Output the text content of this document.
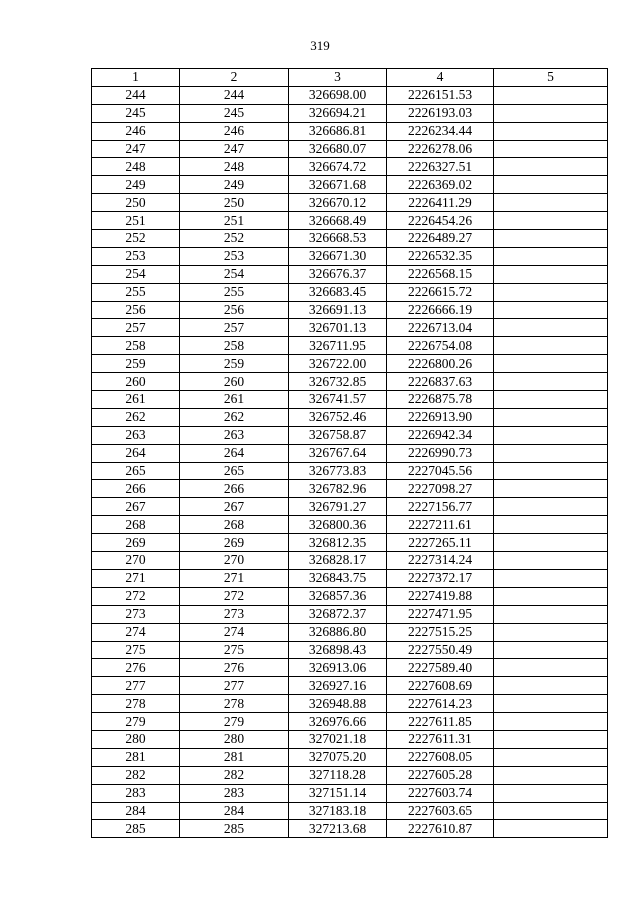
319
1	2	3	4	5
244	244	326698.00	2226151.53	
245	245	326694.21	2226193.03	
246	246	326686.81	2226234.44	
247	247	326680.07	2226278.06	
248	248	326674.72	2226327.51	
249	249	326671.68	2226369.02	
250	250	326670.12	2226411.29	
251	251	326668.49	2226454.26	
252	252	326668.53	2226489.27	
253	253	326671.30	2226532.35	
254	254	326676.37	2226568.15	
255	255	326683.45	2226615.72	
256	256	326691.13	2226666.19	
257	257	326701.13	2226713.04	
258	258	326711.95	2226754.08	
259	259	326722.00	2226800.26	
260	260	326732.85	2226837.63	
261	261	326741.57	2226875.78	
262	262	326752.46	2226913.90	
263	263	326758.87	2226942.34	
264	264	326767.64	2226990.73	
265	265	326773.83	2227045.56	
266	266	326782.96	2227098.27	
267	267	326791.27	2227156.77	
268	268	326800.36	2227211.61	
269	269	326812.35	2227265.11	
270	270	326828.17	2227314.24	
271	271	326843.75	2227372.17	
272	272	326857.36	2227419.88	
273	273	326872.37	2227471.95	
274	274	326886.80	2227515.25	
275	275	326898.43	2227550.49	
276	276	326913.06	2227589.40	
277	277	326927.16	2227608.69	
278	278	326948.88	2227614.23	
279	279	326976.66	2227611.85	
280	280	327021.18	2227611.31	
281	281	327075.20	2227608.05	
282	282	327118.28	2227605.28	
283	283	327151.14	2227603.74	
284	284	327183.18	2227603.65	
285	285	327213.68	2227610.87	
